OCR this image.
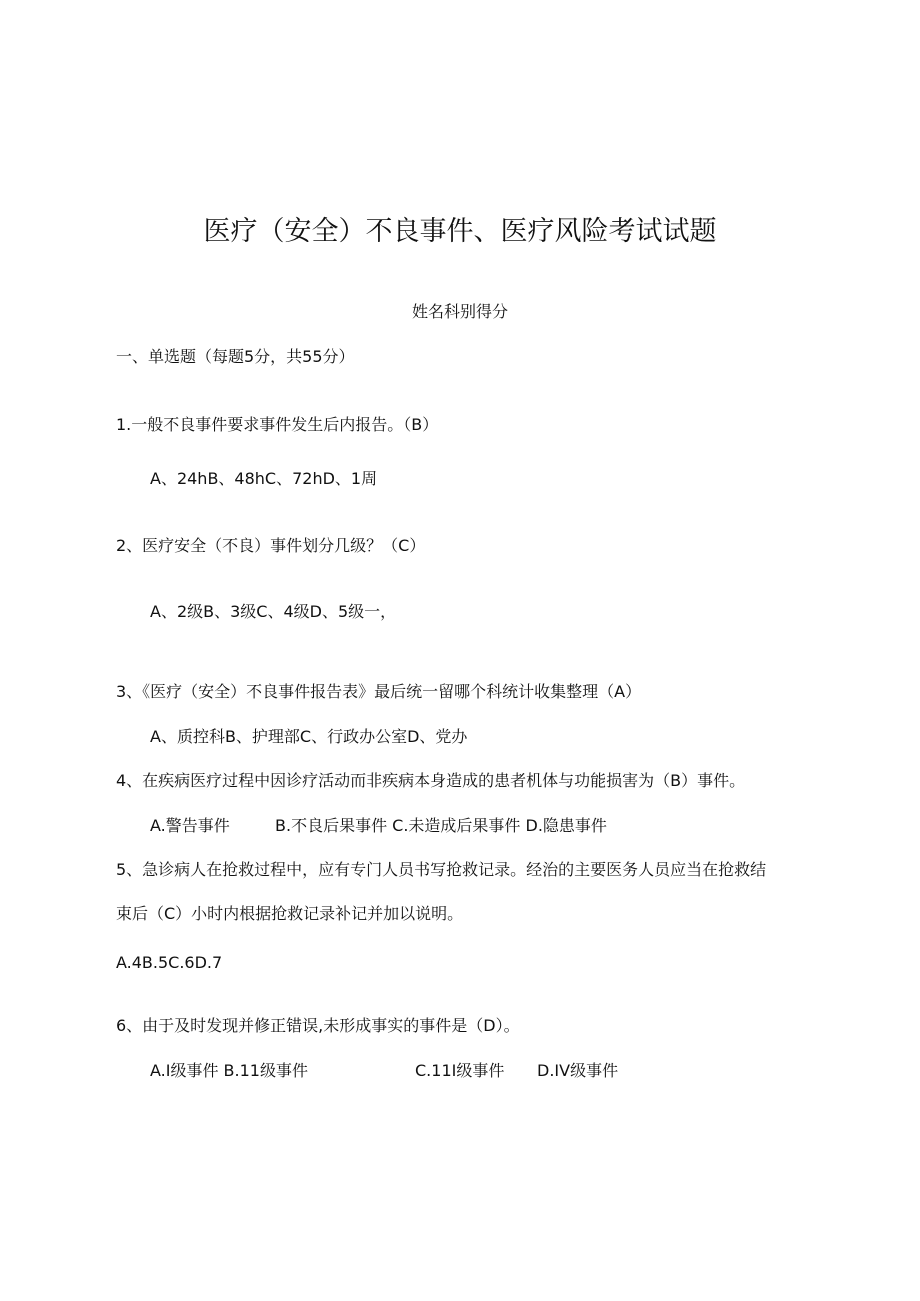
医疗（安全）不良事件、医疗风险考试试题
姓名科别得分
一、单选题（每题5分，共55分）
1.一般不良事件要求事件发生后内报告。（B）
A、24hB、48hC、72hD、1周
2、医疗安全（不良）事件划分几级？（C）
A、2级B、3级C、4级D、5级一，
3、《医疗（安全）不良事件报告表》最后统一留哪个科统计收集整理（A）
A、质控科B、护理部C、行政办公室D、党办
4、在疾病医疗过程中因诊疗活动而非疾病本身造成的患者机体与功能损害为（B）事件。
A.警告事件	B.不良后果事件 C.未造成后果事件 D.隐患事件
5、急诊病人在抢救过程中，应有专门人员书写抢救记录。经治的主要医务人员应当在抢救结
束后（C）小时内根据抢救记录补记并加以说明。
A.4B.5C.6D.7
6、由于及时发现并修正错误,未形成事实的事件是（D）。
A.I级事件 B.11级事件	C.11I级事件 D.IV级事件
